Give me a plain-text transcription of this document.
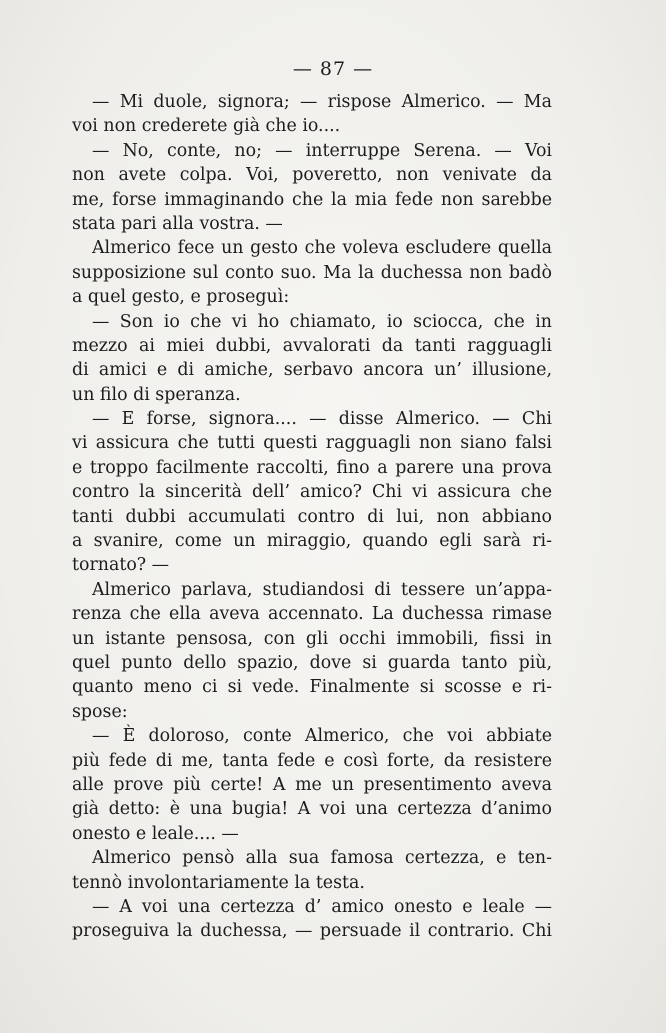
— 87 —
— Mi duole, signora; — rispose Almerico. — Ma
voi non crederete già che io....
— No, conte, no; — interruppe Serena. — Voi
non avete colpa. Voi, poveretto, non venivate da
me, forse immaginando che la mia fede non sarebbe
stata pari alla vostra. —
Almerico fece un gesto che voleva escludere quella
supposizione sul conto suo. Ma la duchessa non badò
a quel gesto, e proseguì:
— Son io che vi ho chiamato, io sciocca, che in
mezzo ai miei dubbi, avvalorati da tanti ragguagli
di amici e di amiche, serbavo ancora un’ illusione,
un filo di speranza.
— E forse, signora.... — disse Almerico. — Chi
vi assicura che tutti questi ragguagli non siano falsi
e troppo facilmente raccolti, fino a parere una prova
contro la sincerità dell’ amico? Chi vi assicura che
tanti dubbi accumulati contro di lui, non abbiano
a svanire, come un miraggio, quando egli sarà ri-
tornato? —
Almerico parlava, studiandosi di tessere un’appa-
renza che ella aveva accennato. La duchessa rimase
un istante pensosa, con gli occhi immobili, fissi in
quel punto dello spazio, dove si guarda tanto più,
quanto meno ci si vede. Finalmente si scosse e ri-
spose:
— È doloroso, conte Almerico, che voi abbiate
più fede di me, tanta fede e così forte, da resistere
alle prove più certe! A me un presentimento aveva
già detto: è una bugia! A voi una certezza d’animo
onesto e leale.... —
Almerico pensò alla sua famosa certezza, e ten-
tennò involontariamente la testa.
— A voi una certezza d’ amico onesto e leale —
proseguiva la duchessa, — persuade il contrario. Chi
